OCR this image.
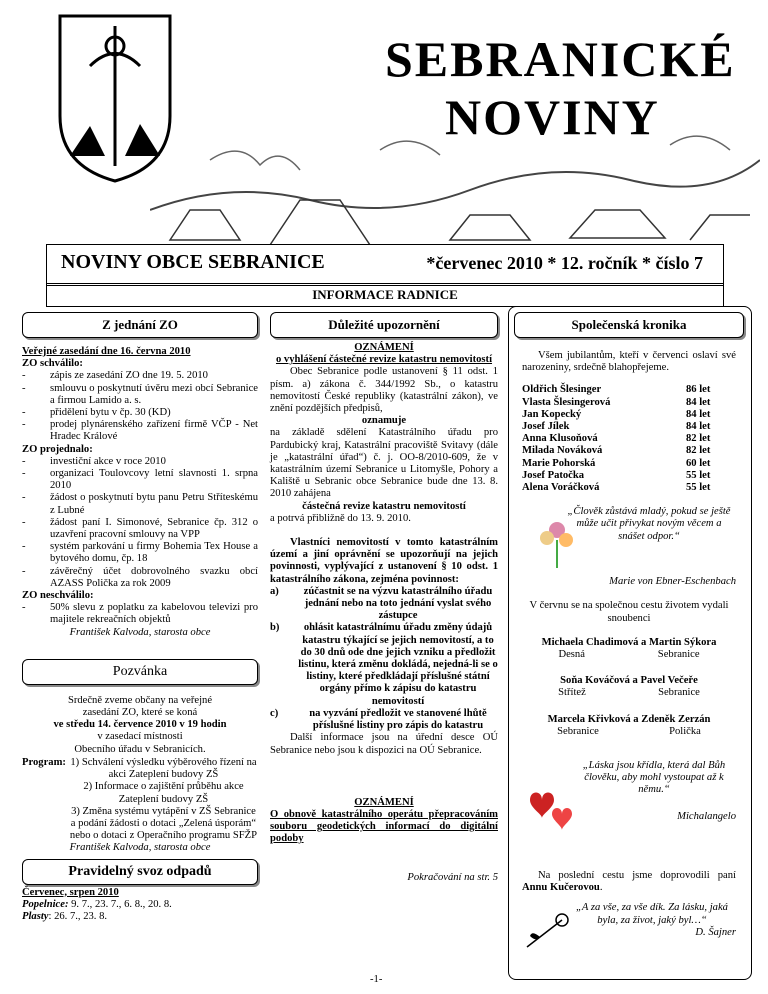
SEBRANICKÉ
NOVINY
NOVINY OBCE SEBRANICE	*červenec 2010 * 12. ročník * číslo 7
INFORMACE RADNICE
Z jednání ZO
Veřejné zasedání dne 16. června 2010
ZO schválilo:
- zápis ze zasedání ZO dne 19. 5. 2010
- smlouvu o poskytnutí úvěru mezi obcí Sebranice a firmou Lamido a. s.
- přidělení bytu v čp. 30 (KD)
- prodej plynárenského zařízení firmě VČP - Net Hradec Králové
ZO projednalo:
- investiční akce v roce 2010
- organizaci Toulovcovy letní slavnosti 1. srpna 2010
- žádost o poskytnutí bytu panu Petru Stříteskému z Lubné
- žádost paní I. Simonové, Sebranice čp. 312 o uzavření pracovní smlouvy na VPP
- systém parkování u firmy Bohemia Tex House a bytového domu, čp. 18
- závěrečný účet dobrovolného svazku obcí AZASS Polička za rok 2009
ZO neschválilo:
- 50% slevu z poplatku za kabelovou televizi pro majitele rekreačních objektů
František Kalvoda, starosta obce
Pozvánka
Srdečně zveme občany na veřejné
zasedání ZO, které se koná
ve středu 14. července 2010 v 19 hodin
v zasedací místnosti
Obecního úřadu v Sebranicích.
Program: 1) Schválení výsledku výběrového řízení na akci Zateplení budovy ZŠ
2) Informace o zajištění průběhu akce Zateplení budovy ZŠ
3) Změna systému vytápění v ZŠ Sebranice a podání žádosti o dotaci „Zelená úsporám“ nebo o dotaci z Operačního programu SFŽP
František Kalvoda, starosta obce
Pravidelný svoz odpadů
Červenec, srpen 2010
Popelnice: 9. 7., 23. 7., 6. 8., 20. 8.
Plasty: 26. 7., 23. 8.
Důležité upozornění
OZNÁMENÍ
o vyhlášení částečné revize katastru nemovitostí
Obec Sebranice podle ustanovení § 11 odst. 1 písm. a) zákona č. 344/1992 Sb., o katastru nemovitostí České republiky (katastrální zákon), ve znění pozdějších předpisů,
oznamuje
na základě sdělení Katastrálního úřadu pro Pardubický kraj, Katastrální pracoviště Svitavy (dále je „katastrální úřad“) č. j. OO-8/2010-609, že v katastrálním území Sebranice u Litomyšle, Pohory a Kaliště u Sebranic obce Sebranice bude dne 13. 8. 2010 zahájena
částečná revize katastru nemovitostí
a potrvá přibližně do 13. 9. 2010.
Vlastníci nemovitostí v tomto katastrálním území a jiní oprávnění se upozorňují na jejich povinnosti, vyplývající z ustanovení § 10 odst. 1 katastrálního zákona, zejména povinnost:
a)	zúčastnit se na výzvu katastrálního úřadu jednání nebo na toto jednání vyslat svého zástupce
b)	ohlásit katastrálnímu úřadu změny údajů katastru týkající se jejich nemovitostí, a to do 30 dnů ode dne jejich vzniku a předložit listinu, která změnu dokládá, nejedná-li se o listiny, které předkládají příslušné státní orgány přímo k zápisu do katastru nemovitostí
c)	na vyzvání předložit ve stanovené lhůtě příslušné listiny pro zápis do katastru
Další informace jsou na úřední desce OÚ Sebranice nebo jsou k dispozici na OÚ Sebranice.
OZNÁMENÍ
O obnově katastrálního operátu přepracováním souboru geodetických informací do digitální podoby
Pokračování na str. 5
Společenská kronika
Všem jubilantům, kteří v červenci oslaví své narozeniny, srdečně blahopřejeme.
Oldřich Šlesinger	86 let
Vlasta Šlesingerová	84 let
Jan Kopecký	84 let
Josef Jílek	84 let
Anna Klusoňová	82 let
Milada Nováková	82 let
Marie Pohorská	60 let
Josef Patočka	55 let
Alena Voráčková	55 let
„Člověk zůstává mladý, pokud se ještě může učit přivykat novým věcem a snášet odpor.“
Marie von Ebner-Eschenbach
V červnu se na společnou cestu životem vydali snoubenci
Michaela Chadimová a Martin Sýkora
Desná	Sebranice
Soňa Kováčová a Pavel Večeře
Střítež	Sebranice
Marcela Křivková a Zdeněk Zerzán
Sebranice	Polička
„Láska jsou křídla, která dal Bůh člověku, aby mohl vystoupat až k němu.“
Michalangelo
Na poslední cestu jsme doprovodili paní Annu Kučerovou.
„A za vše, za vše dík. Za lásku, jaká byla, za život, jaký byl…“
D. Šajner
-1-
